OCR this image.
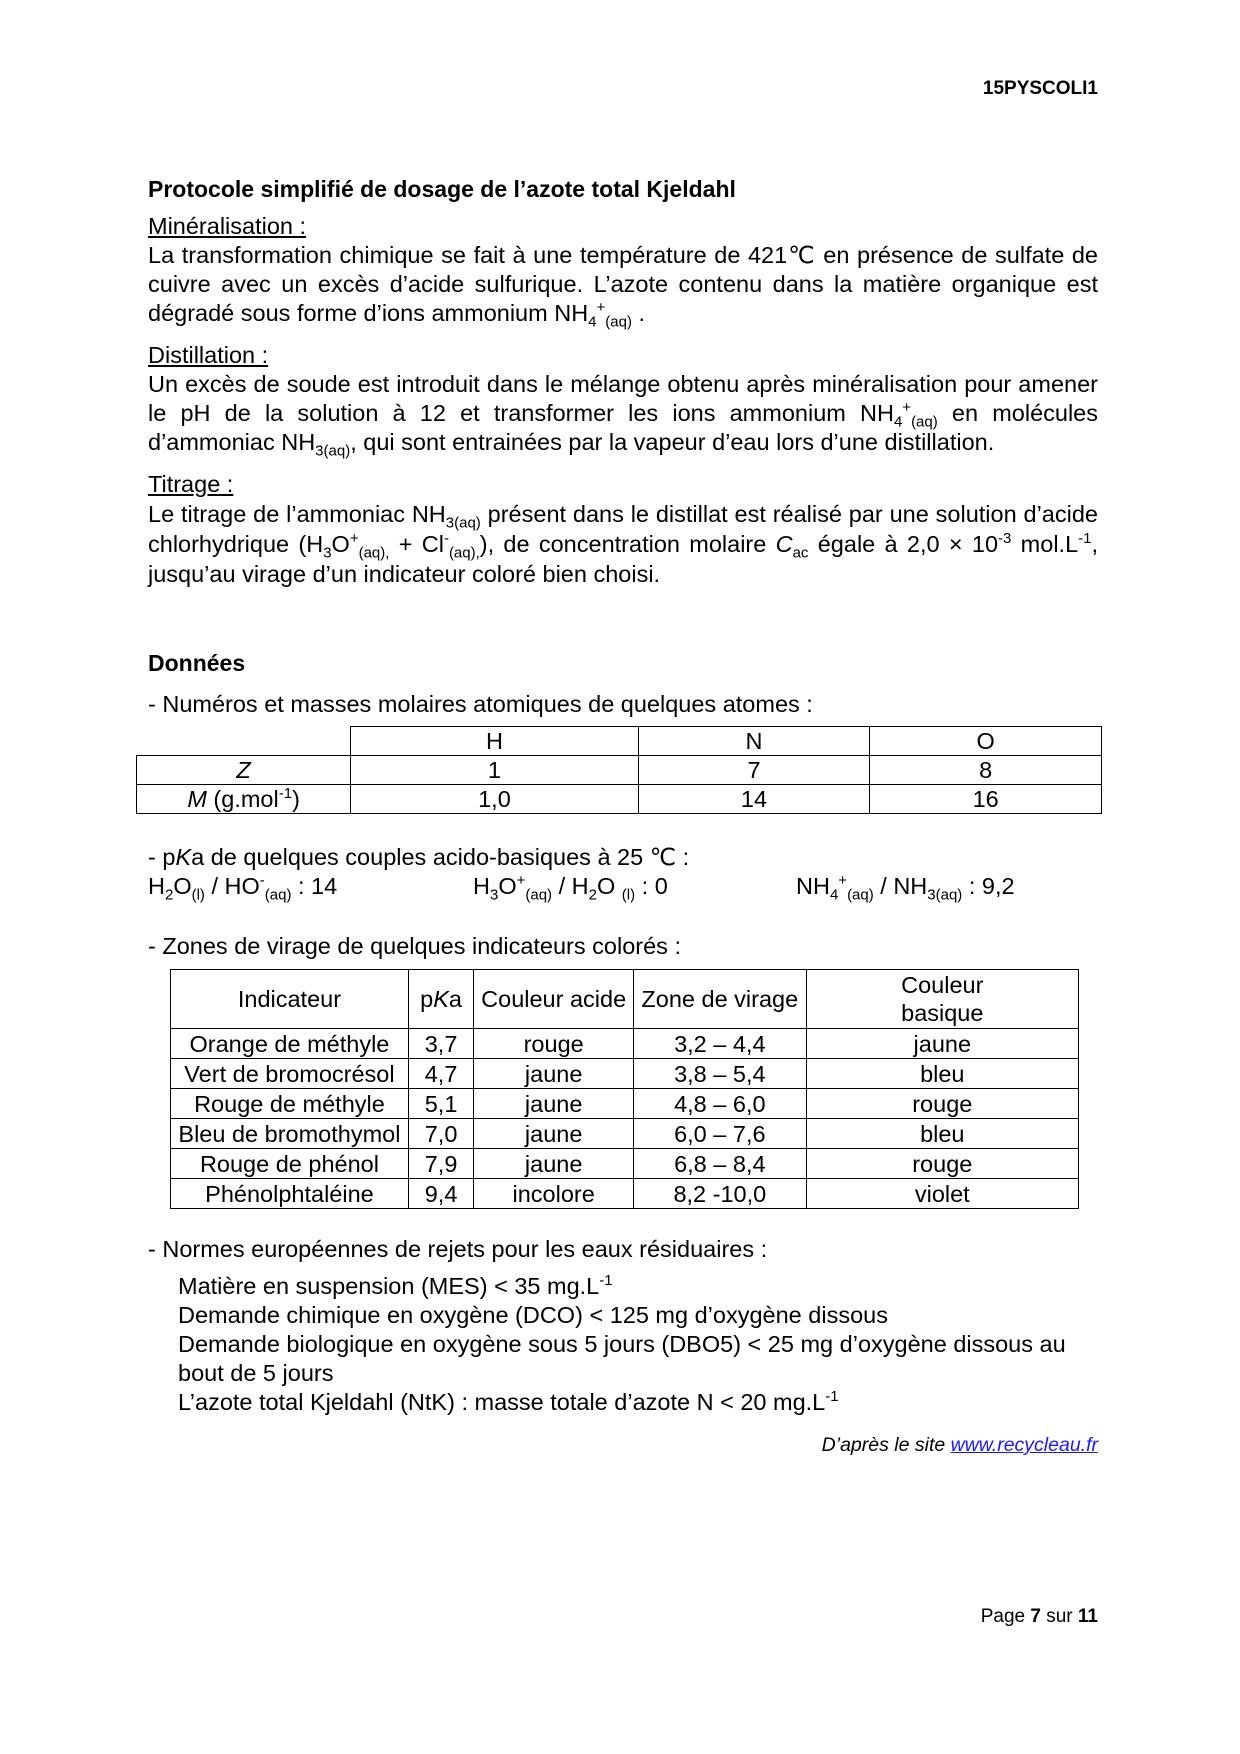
15PYSCOLI1
Protocole simplifié de dosage de l’azote total Kjeldahl

Minéralisation :

La transformation chimique se fait à une température de 421℃ en présence de sulfate de cuivre avec un excès d’acide sulfurique. L’azote contenu dans la matière organique est dégradé sous forme d’ions ammonium $NH_4^+_{(aq)}$ .

Distillation :

Un excès de soude est introduit dans le mélange obtenu après minéralisation pour amener le pH de la solution à 12 et transformer les ions ammonium $NH_4^+_{(aq)}$ en molécules d’ammoniac $NH_{3(aq)}$, qui sont entrainées par la vapeur d’eau lors d’une distillation.

Titrage :

Le titrage de l’ammoniac $NH_{3(aq)}$ présent dans le distillat est réalisé par une solution d’acide chlorhydrique $(H_3O^+_{(aq),} + Cl^-_{(aq),})$, de concentration molaire $C_{ac}$ égale à $2,0 \times 10^{-3}$ $mol.L^{-1}$, jusqu’au virage d’un indicateur coloré bien choisi.

Données

- Numéros et masses molaires atomiques de quelques atomes :

	H	N	O
Z	1	7	8
M (g.mol$^{-1}$)	1,0	14	16

- pKa de quelques couples acido-basiques à 25 ℃ :

$H_2O_{(l)} / HO^-_{(aq)}$ : 14	$H_3O^+_{(aq)} / H_2O$ $_{(l)}$ : 0	$NH_4^+_{(aq)} / NH_{3(aq)}$ : 9,2

- Zones de virage de quelques indicateurs colorés :

Indicateur	pKa	Couleur acide	Zone de virage	Couleur
basique
Orange de méthyle	3,7	rouge	3,2 – 4,4	jaune
Vert de bromocrésol	4,7	jaune	3,8 – 5,4	bleu
Rouge de méthyle	5,1	jaune	4,8 – 6,0	rouge
Bleu de bromothymol	7,0	jaune	6,0 – 7,6	bleu
Rouge de phénol	7,9	jaune	6,8 – 8,4	rouge
Phénolphtaléine	9,4	incolore	8,2 -10,0	violet

- Normes européennes de rejets pour les eaux résiduaires :

Matière en suspension (MES) < 35 $mg.L^{-1}$

Demande chimique en oxygène (DCO) < 125 mg d’oxygène dissous

Demande biologique en oxygène sous 5 jours (DBO5) < 25 mg d’oxygène dissous au bout de 5 jours

L’azote total Kjeldahl (NtK) : masse totale d’azote N < 20 $mg.L^{-1}$

D’après le site www.recycleau.fr
Page 7 sur 11
